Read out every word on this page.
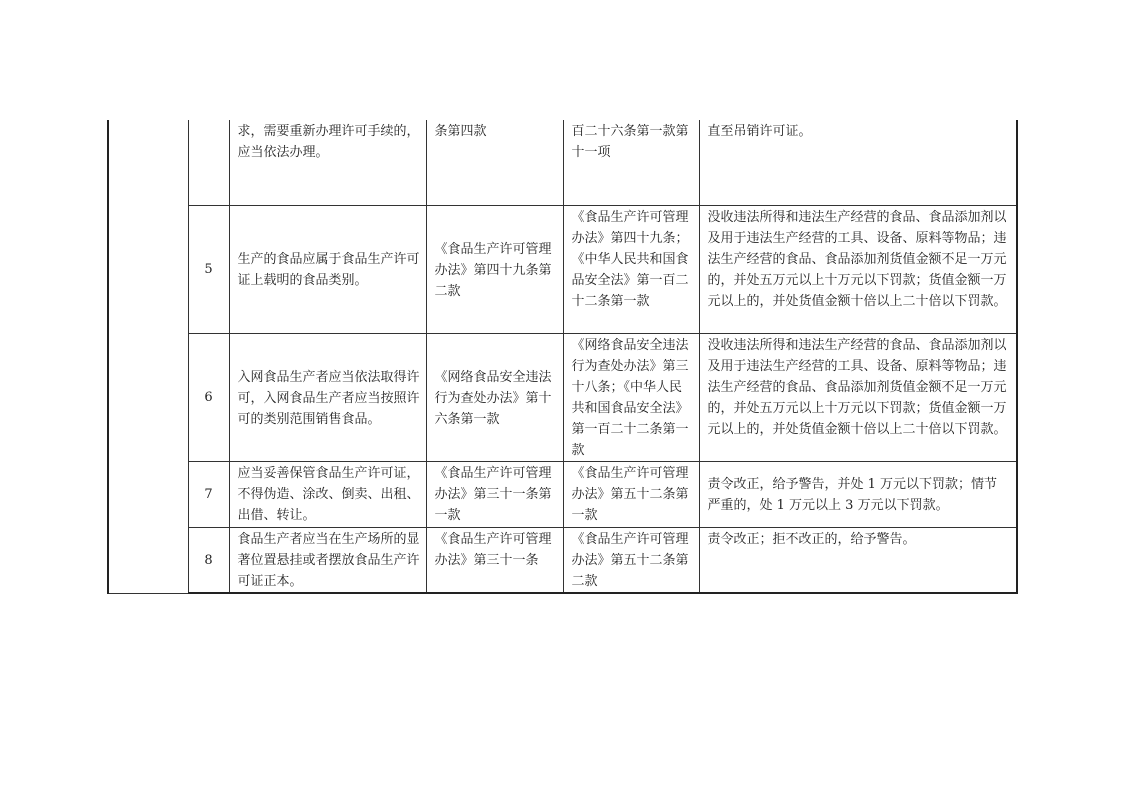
		求，需要重新办理许可手续的，应当依法办理。	条第四款	百二十六条第一款第十一项	直至吊销许可证。
	5	生产的食品应属于食品生产许可证上载明的食品类别。	《食品生产许可管理办法》第四十九条第二款	《食品生产许可管理办法》第四十九条；《中华人民共和国食品安全法》第一百二十二条第一款	没收违法所得和违法生产经营的食品、食品添加剂以及用于违法生产经营的工具、设备、原料等物品；违法生产经营的食品、食品添加剂货值金额不足一万元的，并处五万元以上十万元以下罚款；货值金额一万元以上的，并处货值金额十倍以上二十倍以下罚款。
	6	入网食品生产者应当依法取得许可，入网食品生产者应当按照许可的类别范围销售食品。	《网络食品安全违法行为查处办法》第十六条第一款	《网络食品安全违法行为查处办法》第三十八条；《中华人民共和国食品安全法》第一百二十二条第一款	没收违法所得和违法生产经营的食品、食品添加剂以及用于违法生产经营的工具、设备、原料等物品；违法生产经营的食品、食品添加剂货值金额不足一万元的，并处五万元以上十万元以下罚款；货值金额一万元以上的，并处货值金额十倍以上二十倍以下罚款。
	7	应当妥善保管食品生产许可证，不得伪造、涂改、倒卖、出租、出借、转让。	《食品生产许可管理办法》第三十一条第一款	《食品生产许可管理办法》第五十二条第一款	责令改正，给予警告，并处 1 万元以下罚款；情节严重的，处 1 万元以上 3 万元以下罚款。
	8	食品生产者应当在生产场所的显著位置悬挂或者摆放食品生产许可证正本。	《食品生产许可管理办法》第三十一条	《食品生产许可管理办法》第五十二条第二款	责令改正；拒不改正的，给予警告。
